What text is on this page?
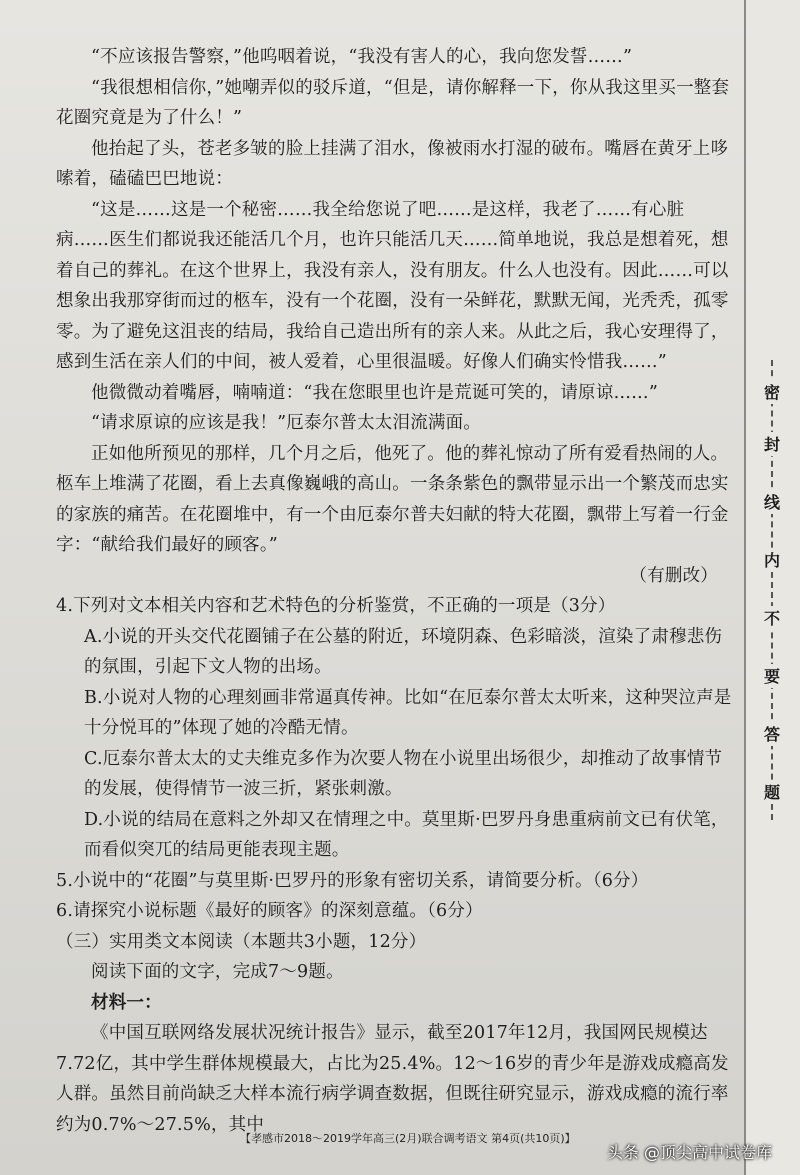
“不应该报告警察，”他呜咽着说，“我没有害人的心，我向您发誓……”

“我很想相信你，”她嘲弄似的驳斥道，“但是，请你解释一下，你从我这里买一整套花圈究竟是为了什么！”

他抬起了头，苍老多皱的脸上挂满了泪水，像被雨水打湿的破布。嘴唇在黄牙上哆嗦着，磕磕巴巴地说：

“这是……这是一个秘密……我全给您说了吧……是这样，我老了……有心脏病……医生们都说我还能活几个月，也许只能活几天……简单地说，我总是想着死，想着自己的葬礼。在这个世界上，我没有亲人，没有朋友。什么人也没有。因此……可以想象出我那穿街而过的柩车，没有一个花圈，没有一朵鲜花，默默无闻，光秃秃，孤零零。为了避免这沮丧的结局，我给自己造出所有的亲人来。从此之后，我心安理得了，感到生活在亲人们的中间，被人爱着，心里很温暖。好像人们确实怜惜我……”

他微微动着嘴唇，喃喃道：“我在您眼里也许是荒诞可笑的，请原谅……”

“请求原谅的应该是我！”厄泰尔普太太泪流满面。

正如他所预见的那样，几个月之后，他死了。他的葬礼惊动了所有爱看热闹的人。柩车上堆满了花圈，看上去真像巍峨的高山。一条条紫色的飘带显示出一个繁茂而忠实的家族的痛苦。在花圈堆中，有一个由厄泰尔普夫妇献的特大花圈，飘带上写着一行金字：“献给我们最好的顾客。”

（有删改）

4.下列对文本相关内容和艺术特色的分析鉴赏，不正确的一项是（3分）

A.小说的开头交代花圈铺子在公墓的附近，环境阴森、色彩暗淡，渲染了肃穆悲伤的氛围，引起下文人物的出场。

B.小说对人物的心理刻画非常逼真传神。比如“在厄泰尔普太太听来，这种哭泣声是十分悦耳的”体现了她的冷酷无情。

C.厄泰尔普太太的丈夫维克多作为次要人物在小说里出场很少，却推动了故事情节的发展，使得情节一波三折，紧张刺激。

D.小说的结局在意料之外却又在情理之中。莫里斯·巴罗丹身患重病前文已有伏笔，而看似突兀的结局更能表现主题。

5.小说中的“花圈”与莫里斯·巴罗丹的形象有密切关系，请简要分析。（6分）

6.请探究小说标题《最好的顾客》的深刻意蕴。（6分）

（三）实用类文本阅读（本题共3小题，12分）

阅读下面的文字，完成7～9题。

材料一：

《中国互联网络发展状况统计报告》显示，截至2017年12月，我国网民规模达7.72亿，其中学生群体规模最大，占比为25.4%。12～16岁的青少年是游戏成瘾高发人群。虽然目前尚缺乏大样本流行病学调查数据，但既往研究显示，游戏成瘾的流行率约为0.7%～27.5%，其中

密
封
线
内
不
要
答
题
【孝感市2018～2019学年高三(2月)联合调考语文 第4页(共10页)】
头条 @顶尖高中试卷库
